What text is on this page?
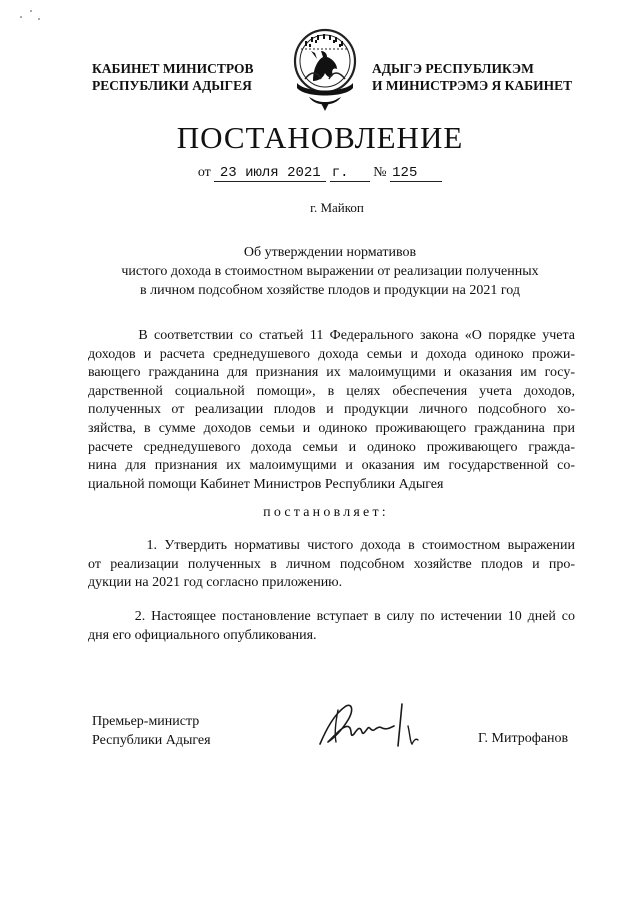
КАБИНЕТ МИНИСТРОВ
РЕСПУБЛИКИ АДЫГЕЯ
АДЫГЭ РЕСПУБЛИКЭМ
И МИНИСТРЭМЭ Я КАБИНЕТ
ПОСТАНОВЛЕНИЕ
от 23 июля 2021 г. № 125
г. Майкоп
Об утверждении нормативов
чистого дохода в стоимостном выражении от реализации полученных
в личном подсобном хозяйстве плодов и продукции на 2021 год
В соответствии со статьей 11 Федерального закона «О порядке учета
доходов и расчета среднедушевого дохода семьи и дохода одиноко прожи-
вающего гражданина для признания их малоимущими и оказания им госу-
дарственной социальной помощи», в целях обеспечения учета доходов,
полученных от реализации плодов и продукции личного подсобного хо-
зяйства, в сумме доходов семьи и одиноко проживающего гражданина при
расчете среднедушевого дохода семьи и одиноко проживающего гражда-
нина для признания их малоимущими и оказания им государственной со-
циальной помощи Кабинет Министров Республики Адыгея
постановляет:
1. Утвердить нормативы чистого дохода в стоимостном выражении
от реализации полученных в личном подсобном хозяйстве плодов и про-
дукции на 2021 год согласно приложению.
2. Настоящее постановление вступает в силу по истечении 10 дней со
дня его официального опубликования.
Премьер-министр
Республики Адыгея	Г. Митрофанов
